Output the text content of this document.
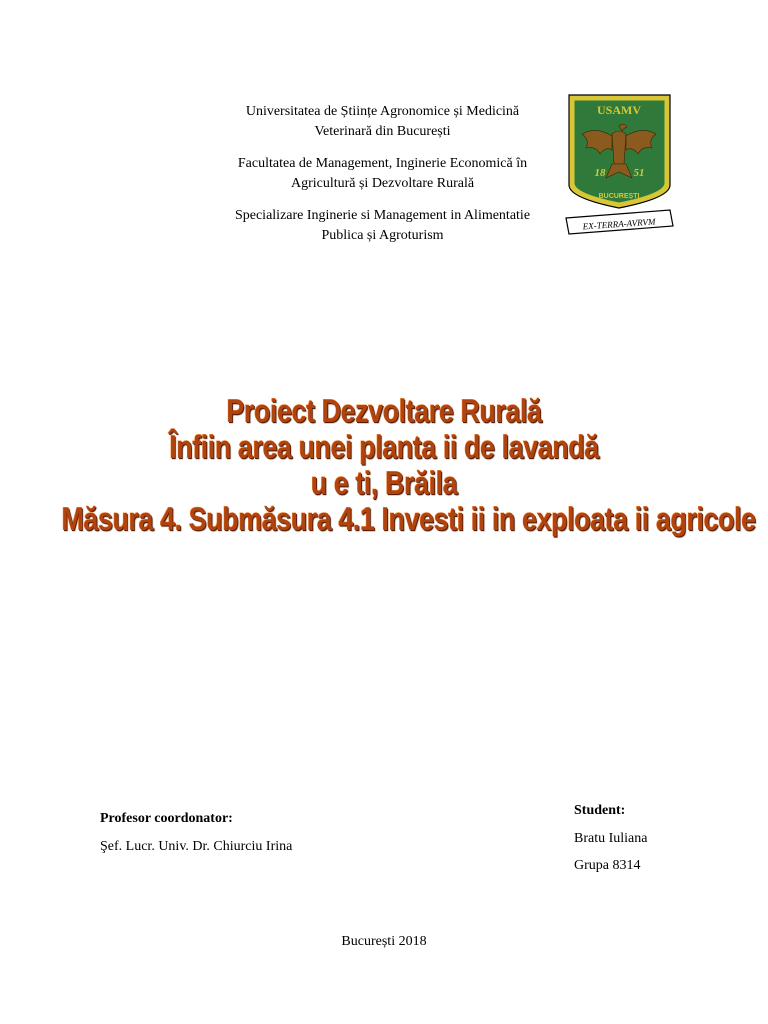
Universitatea de Științe Agronomice și Medicină
Veterinară din București

Facultatea de Management, Inginerie Economică în
Agricultură și Dezvoltare Rurală

Specializare Inginerie si Management in Alimentatie
Publica și Agroturism

USAMV
18	51
BUCUREȘTI
EX-TERRA-AVRVM
Proiect Dezvoltare Rurală
Înfiin area unei planta ii de lavandă
u e ti, Brăila
Măsura 4. Submăsura 4.1 Investi ii in exploata ii agricole
Profesor coordonator:
Şef. Lucr. Univ. Dr. Chiurciu Irina
Student:
Bratu Iuliana
Grupa 8314
București 2018
